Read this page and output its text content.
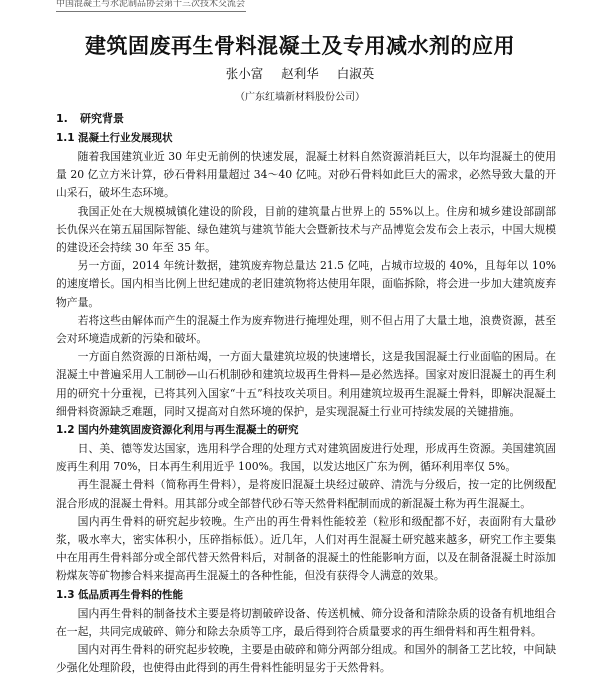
中国混凝土与水泥制品协会第十三次技术交流会
建筑固废再生骨料混凝土及专用减水剂的应用
张小富 赵利华 白淑英
（广东红墙新材料股份公司）
1. 研究背景
1.1 混凝土行业发展现状

随着我国建筑业近 30 年史无前例的快速发展，混凝土材料自然资源消耗巨大，以年均混凝土的使用量 20 亿立方米计算，砂石骨料用量超过 34～40 亿吨。对砂石骨料如此巨大的需求，必然导致大量的开山采石，破坏生态环境。

我国正处在大规模城镇化建设的阶段，目前的建筑量占世界上的 55%以上。住房和城乡建设部副部长仇保兴在第五届国际智能、绿色建筑与建筑节能大会暨新技术与产品博览会发布会上表示，中国大规模的建设还会持续 30 年至 35 年。

另一方面，2014 年统计数据，建筑废弃物总量达 21.5 亿吨，占城市垃圾的 40%，且每年以 10%的速度增长。国内相当比例上世纪建成的老旧建筑物将达使用年限，面临拆除，将会进一步加大建筑废弃物产量。

若将这些由解体而产生的混凝土作为废弃物进行掩埋处理，则不但占用了大量土地，浪费资源，甚至会对环境造成新的污染和破坏。

一方面自然资源的日渐枯竭，一方面大量建筑垃圾的快速增长，这是我国混凝土行业面临的困局。在混凝土中普遍采用人工制砂—山石机制砂和建筑垃圾再生骨料—是必然选择。国家对废旧混凝土的再生利用的研究十分重视，已将其列入国家“十五”科技攻关项目。利用建筑垃圾再生混凝土骨料，即解决混凝土细骨料资源缺乏难题，同时又提高对自然环境的保护，是实现混凝土行业可持续发展的关键措施。

1.2 国内外建筑固废资源化利用与再生混凝土的研究

日、美、德等发达国家，选用科学合理的处理方式对建筑固废进行处理，形成再生资源。美国建筑固废再生利用 70%，日本再生利用近乎 100%。我国，以发达地区广东为例，循环利用率仅 5%。

再生混凝土骨料（简称再生骨料），是将废旧混凝土块经过破碎、清洗与分级后，按一定的比例级配混合形成的混凝土骨料。用其部分或全部替代砂石等天然骨料配制而成的新混凝土称为再生混凝土。

国内再生骨料的研究起步较晚。生产出的再生骨料性能较差（粒形和级配都不好，表面附有大量砂浆，吸水率大，密实体积小，压碎指标低）。近几年，人们对再生混凝土研究越来越多，研究工作主要集中在用再生骨料部分或全部代替天然骨料后，对制备的混凝土的性能影响方面，以及在制备混凝土时添加粉煤灰等矿物掺合料来提高再生混凝土的各种性能，但没有获得令人满意的效果。

1.3 低品质再生骨料的性能

国内再生骨料的制备技术主要是将切割破碎设备、传送机械、筛分设备和清除杂质的设备有机地组合在一起，共同完成破碎、筛分和除去杂质等工序，最后得到符合质量要求的再生细骨料和再生粗骨料。

国内对再生骨料的研究起步较晚，主要是由破碎和筛分两部分组成。和国外的制备工艺比较，中间缺少强化处理阶段，也使得由此得到的再生骨料性能明显劣于天然骨料。
